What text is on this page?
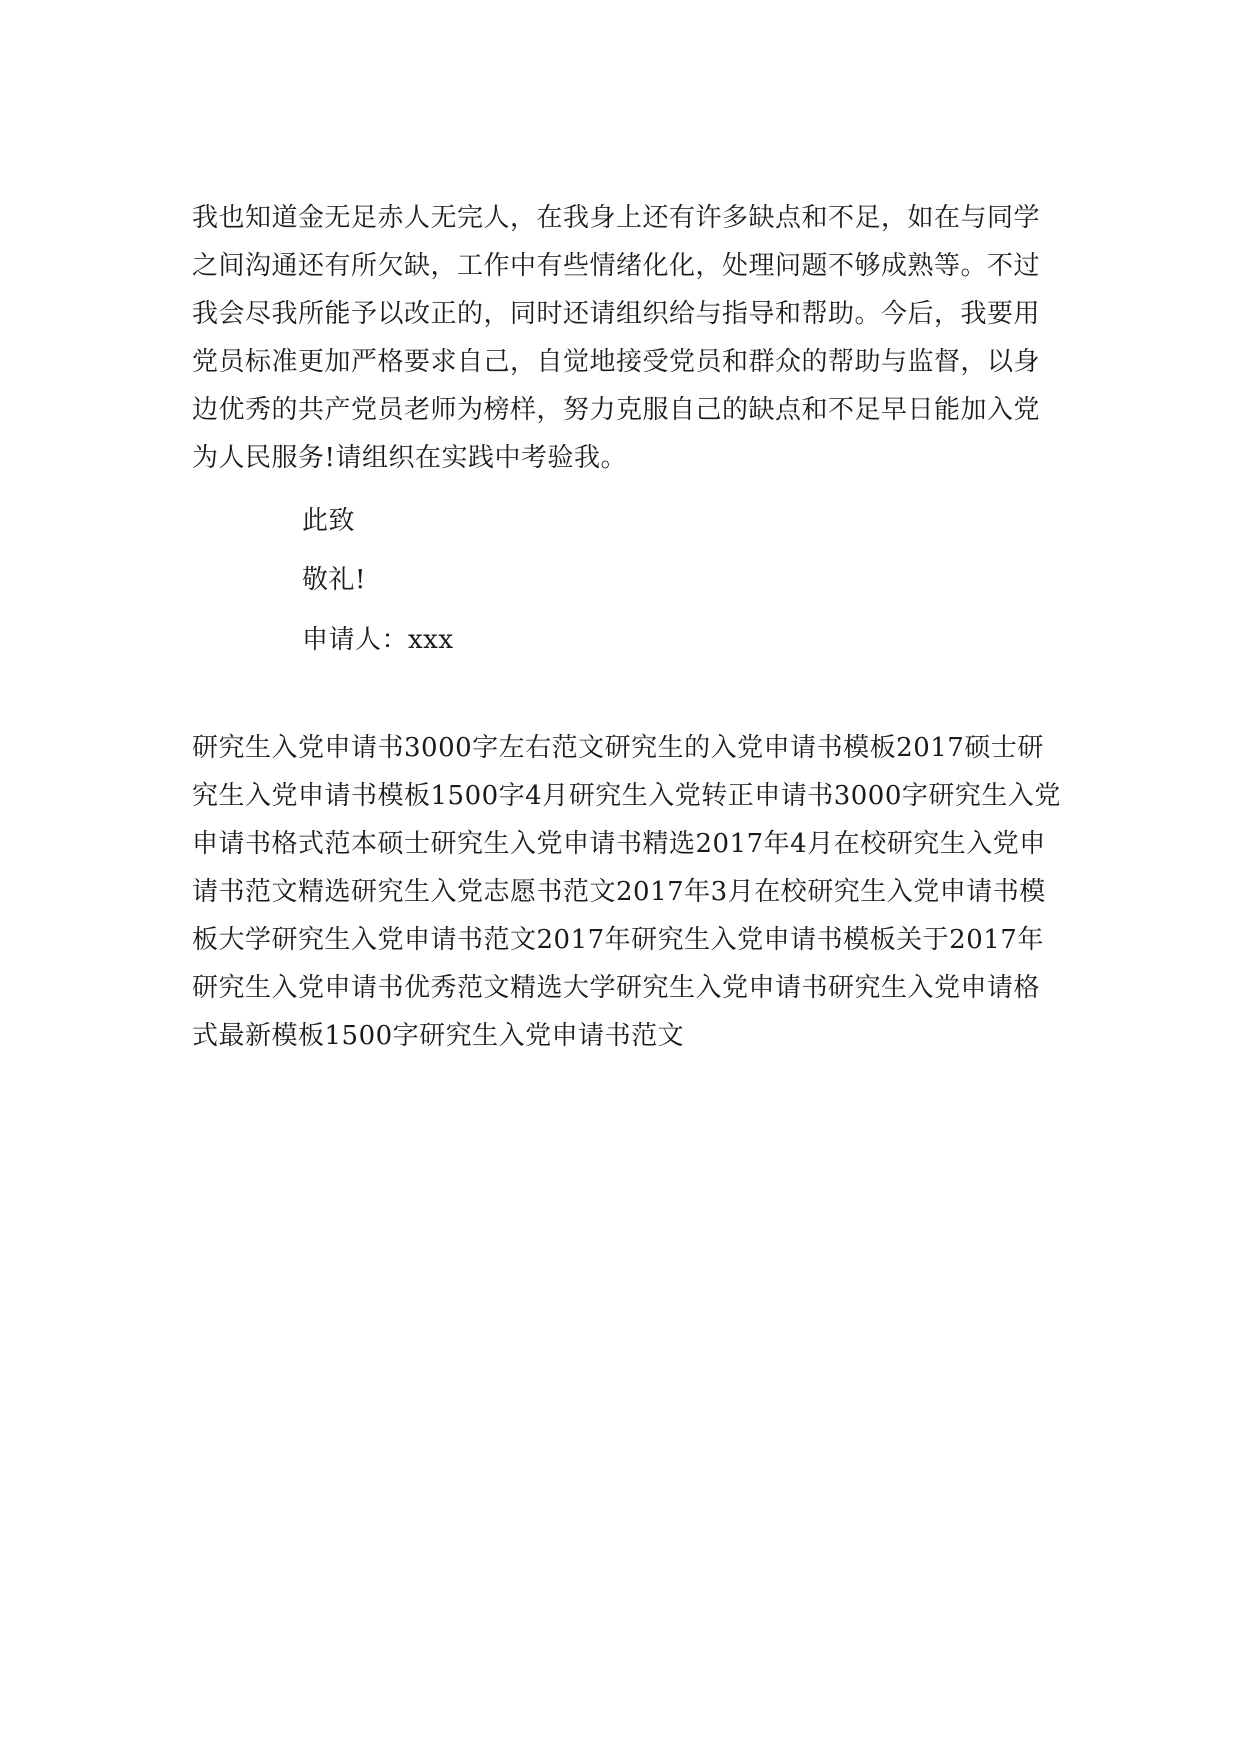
我也知道金无足赤人无完人，在我身上还有许多缺点和不足，如在与同学之间沟通还有所欠缺，工作中有些情绪化化，处理问题不够成熟等。不过我会尽我所能予以改正的，同时还请组织给与指导和帮助。今后，我要用党员标准更加严格要求自己，自觉地接受党员和群众的帮助与监督，以身边优秀的共产党员老师为榜样，努力克服自己的缺点和不足早日能加入党为人民服务!请组织在实践中考验我。
此致
敬礼!
申请人：xxx
研究生入党申请书3000字左右范文研究生的入党申请书模板2017硕士研究生入党申请书模板1500字4月研究生入党转正申请书3000字研究生入党申请书格式范本硕士研究生入党申请书精选2017年4月在校研究生入党申请书范文精选研究生入党志愿书范文2017年3月在校研究生入党申请书模板大学研究生入党申请书范文2017年研究生入党申请书模板关于2017年研究生入党申请书优秀范文精选大学研究生入党申请书研究生入党申请格式最新模板1500字研究生入党申请书范文
